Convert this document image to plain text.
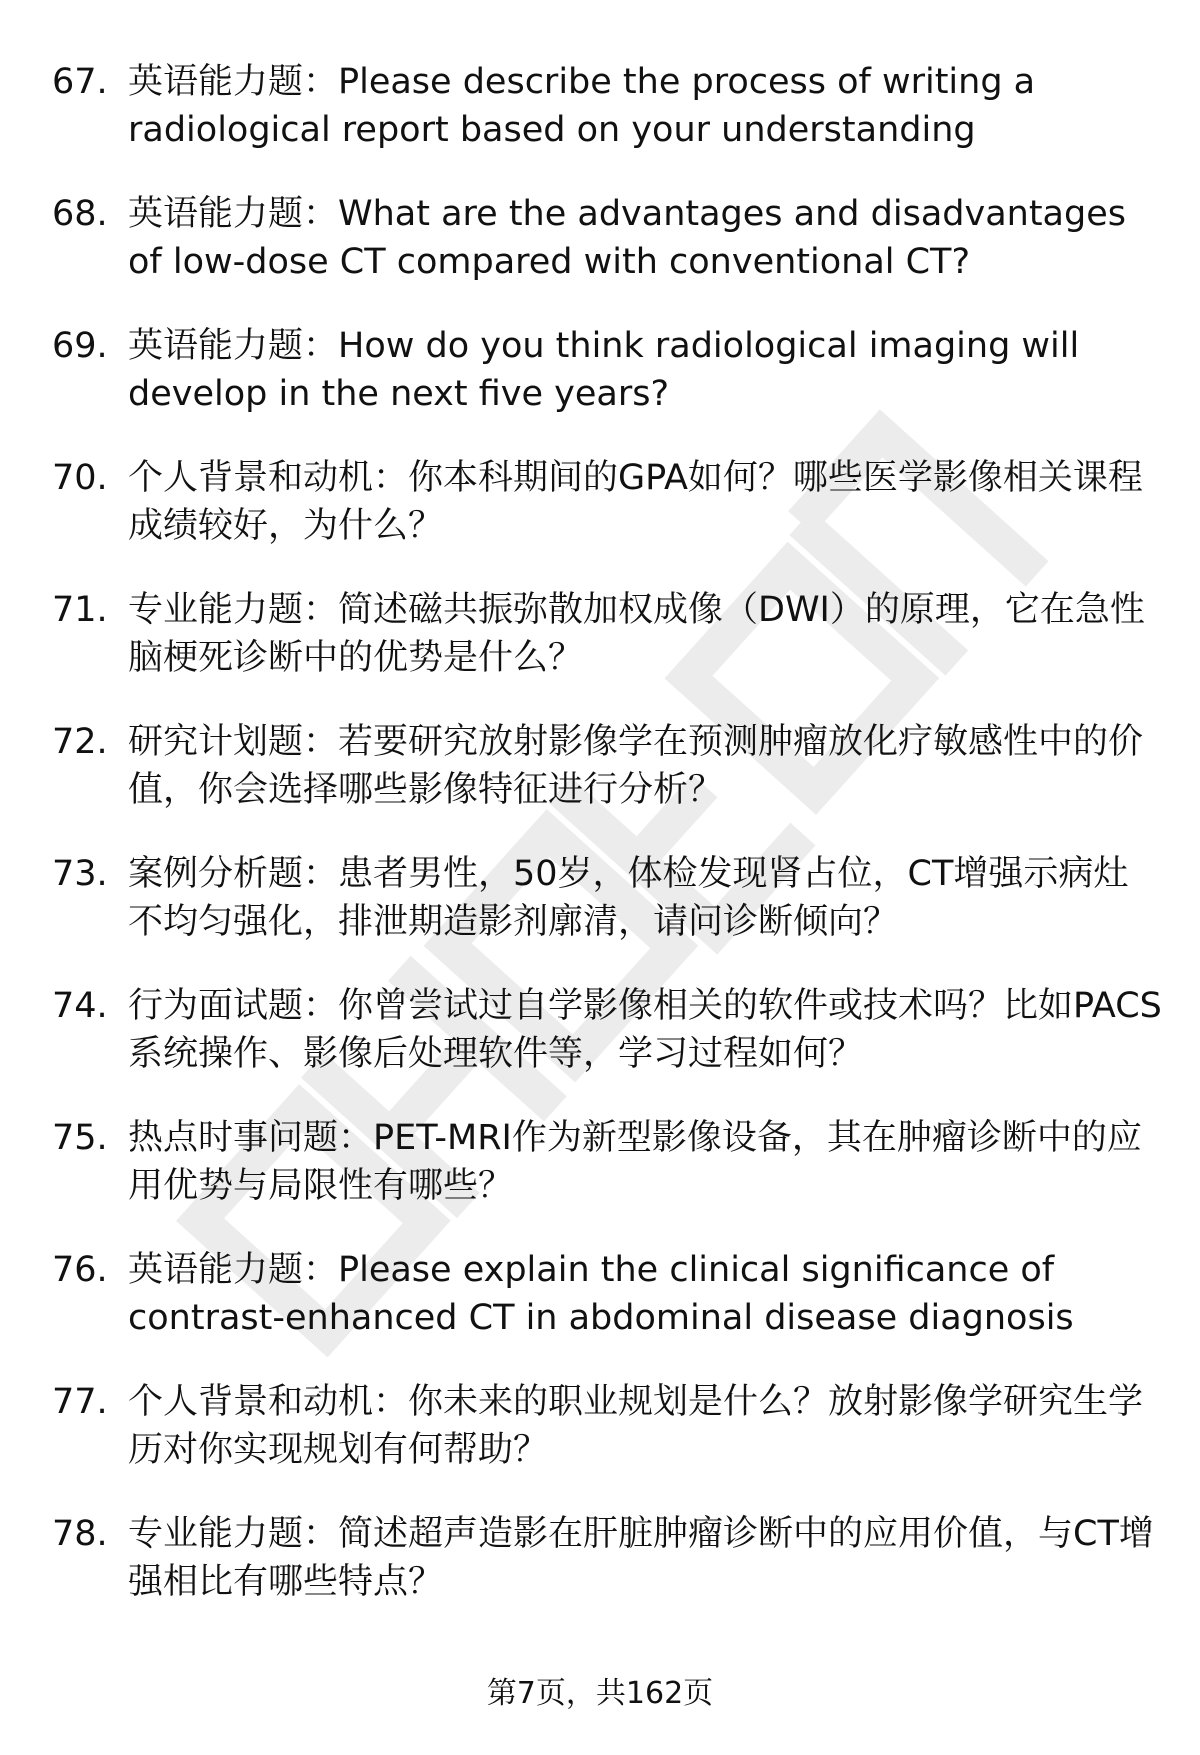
67. 英语能力题：Please describe the process of writing a radiological report based on your understanding
68. 英语能力题：What are the advantages and disadvantages of low-dose CT compared with conventional CT?
69. 英语能力题：How do you think radiological imaging will develop in the next five years?
70. 个人背景和动机：你本科期间的GPA如何？哪些医学影像相关课程成绩较好，为什么？
71. 专业能力题：简述磁共振弥散加权成像（DWI）的原理，它在急性脑梗死诊断中的优势是什么？
72. 研究计划题：若要研究放射影像学在预测肿瘤放化疗敏感性中的价值，你会选择哪些影像特征进行分析？
73. 案例分析题：患者男性，50岁，体检发现肾占位，CT增强示病灶不均匀强化，排泄期造影剂廓清，请问诊断倾向？
74. 行为面试题：你曾尝试过自学影像相关的软件或技术吗？比如PACS系统操作、影像后处理软件等，学习过程如何？
75. 热点时事问题：PET-MRI作为新型影像设备，其在肿瘤诊断中的应用优势与局限性有哪些？
76. 英语能力题：Please explain the clinical significance of contrast-enhanced CT in abdominal disease diagnosis
77. 个人背景和动机：你未来的职业规划是什么？放射影像学研究生学历对你实现规划有何帮助？
78. 专业能力题：简述超声造影在肝脏肿瘤诊断中的应用价值，与CT增强相比有哪些特点？
第7页，共162页
